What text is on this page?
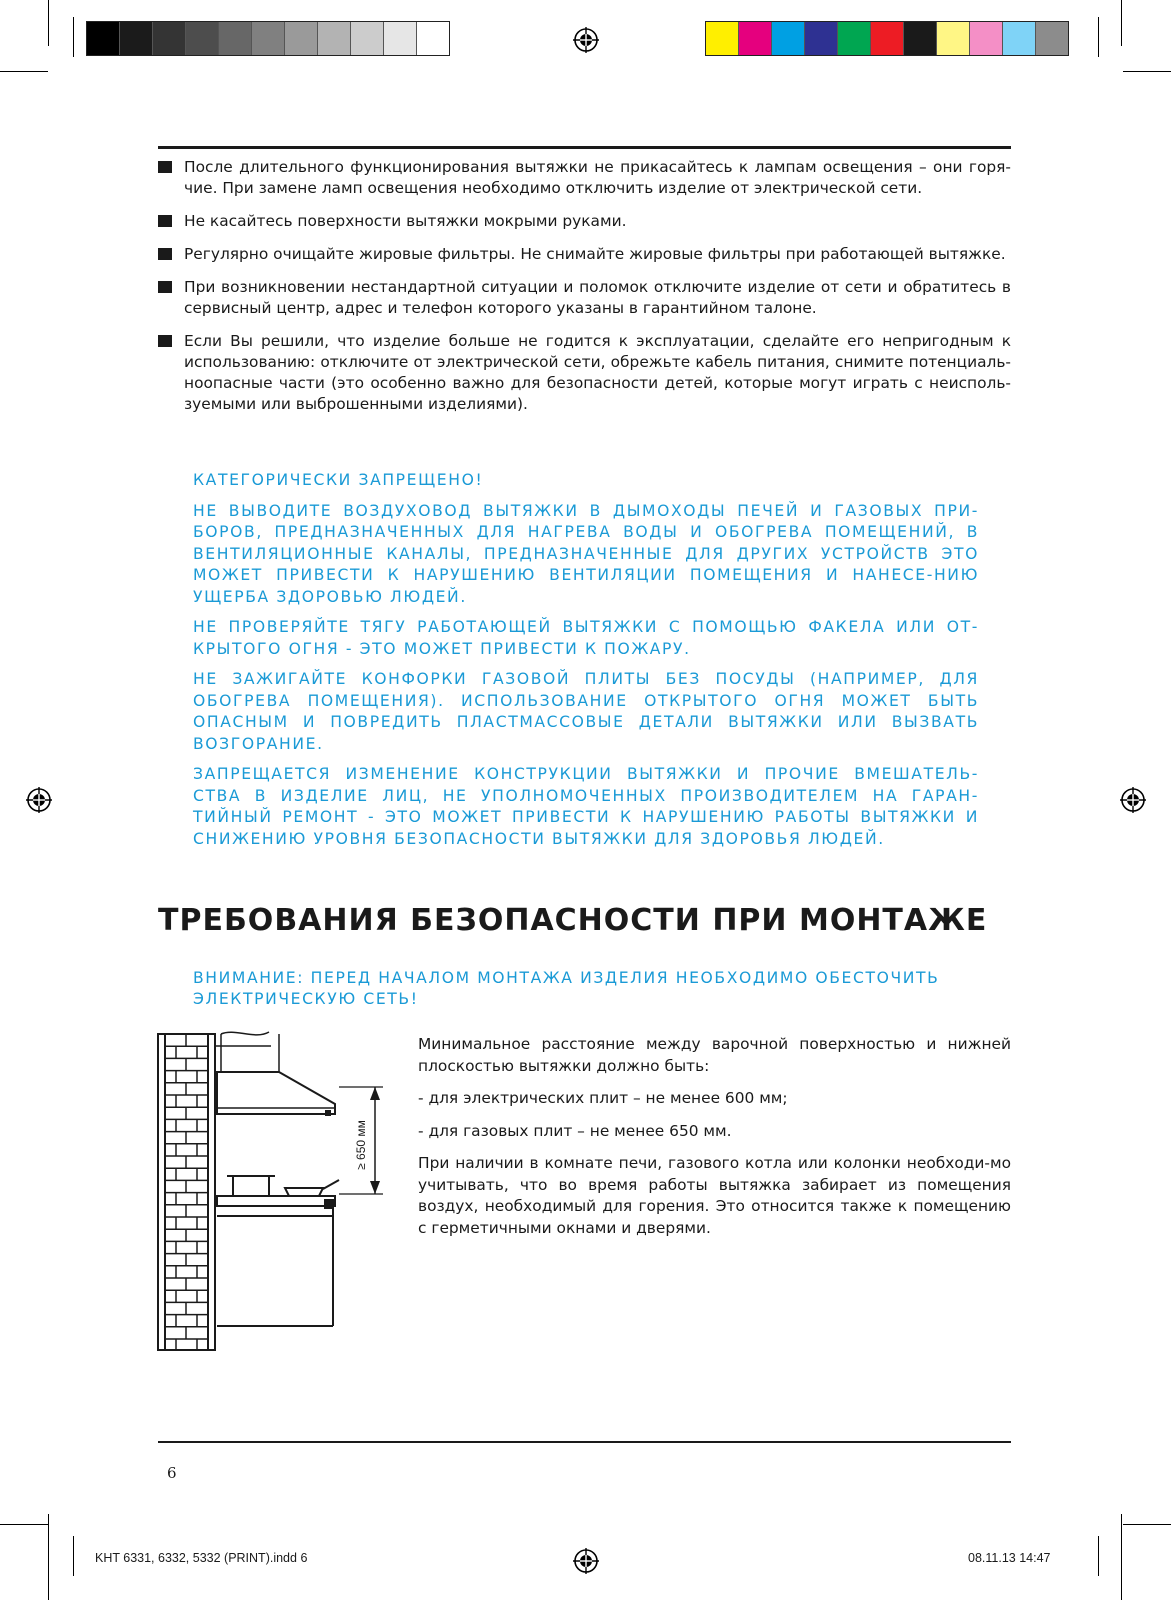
После длительного функционирования вытяжки не прикасайтесь к лампам освещения – они горя-чие. При замене ламп освещения необходимо отключить изделие от электрической сети.
Не касайтесь поверхности вытяжки мокрыми руками.
Регулярно очищайте жировые фильтры. Не снимайте жировые фильтры при работающей вытяжке.
При возникновении нестандартной ситуации и поломок отключите изделие от сети и обратитесь в сервисный центр, адрес и телефон которого указаны в гарантийном талоне.
Если Вы решили, что изделие больше не годится к эксплуатации, сделайте его непригодным к использованию: отключите от электрической сети, обрежьте кабель питания, снимите потенциаль-ноопасные части (это особенно важно для безопасности детей, которые могут играть с неисполь-зуемыми или выброшенными изделиями).

КАТЕГОРИЧЕСКИ ЗАПРЕЩЕНО!

НЕ ВЫВОДИТЕ ВОЗДУХОВОД ВЫТЯЖКИ В ДЫМОХОДЫ ПЕЧЕЙ И ГАЗОВЫХ ПРИ-БОРОВ, ПРЕДНАЗНАЧЕННЫХ ДЛЯ НАГРЕВА ВОДЫ И ОБОГРЕВА ПОМЕЩЕНИЙ, В ВЕНТИЛЯЦИОННЫЕ КАНАЛЫ, ПРЕДНАЗНАЧЕННЫЕ ДЛЯ ДРУГИХ УСТРОЙСТВ ЭТО МОЖЕТ ПРИВЕСТИ К НАРУШЕНИЮ ВЕНТИЛЯЦИИ ПОМЕЩЕНИЯ И НАНЕСЕ-НИЮ УЩЕРБА ЗДОРОВЬЮ ЛЮДЕЙ.

НЕ ПРОВЕРЯЙТЕ ТЯГУ РАБОТАЮЩЕЙ ВЫТЯЖКИ С ПОМОЩЬЮ ФАКЕЛА ИЛИ ОТ-КРЫТОГО ОГНЯ - ЭТО МОЖЕТ ПРИВЕСТИ К ПОЖАРУ.

НЕ ЗАЖИГАЙТЕ КОНФОРКИ ГАЗОВОЙ ПЛИТЫ БЕЗ ПОСУДЫ (НАПРИМЕР, ДЛЯ ОБОГРЕВА ПОМЕЩЕНИЯ). ИСПОЛЬЗОВАНИЕ ОТКРЫТОГО ОГНЯ МОЖЕТ БЫТЬ ОПАСНЫМ И ПОВРЕДИТЬ ПЛАСТМАССОВЫЕ ДЕТАЛИ ВЫТЯЖКИ ИЛИ ВЫЗВАТЬ ВОЗГОРАНИЕ.

ЗАПРЕЩАЕТСЯ ИЗМЕНЕНИЕ КОНСТРУКЦИИ ВЫТЯЖКИ И ПРОЧИЕ ВМЕШАТЕЛЬ-СТВА В ИЗДЕЛИЕ ЛИЦ, НЕ УПОЛНОМОЧЕННЫХ ПРОИЗВОДИТЕЛЕМ НА ГАРАН-ТИЙНЫЙ РЕМОНТ - ЭТО МОЖЕТ ПРИВЕСТИ К НАРУШЕНИЮ РАБОТЫ ВЫТЯЖКИ И СНИЖЕНИЮ УРОВНЯ БЕЗОПАСНОСТИ ВЫТЯЖКИ ДЛЯ ЗДОРОВЬЯ ЛЮДЕЙ.

ТРЕБОВАНИЯ БЕЗОПАСНОСТИ ПРИ МОНТАЖЕ
ВНИМАНИЕ: ПЕРЕД НАЧАЛОМ МОНТАЖА ИЗДЕЛИЯ НЕОБХОДИМО ОБЕСТОЧИТЬ ЭЛЕКТРИЧЕСКУЮ СЕТЬ!
≥ 650 мм

Минимальное расстояние между варочной поверхностью и нижней плоскостью вытяжки должно быть:

- для электрических плит – не менее 600 мм;

- для газовых плит – не менее 650 мм.

При наличии в комнате печи, газового котла или колонки необходи-мо учитывать, что во время работы вытяжка забирает из помещения воздух, необходимый для горения. Это относится также к помещению с герметичными окнами и дверями.

6
KHT 6331, 6332, 5332 (PRINT).indd 6	08.11.13 14:47
